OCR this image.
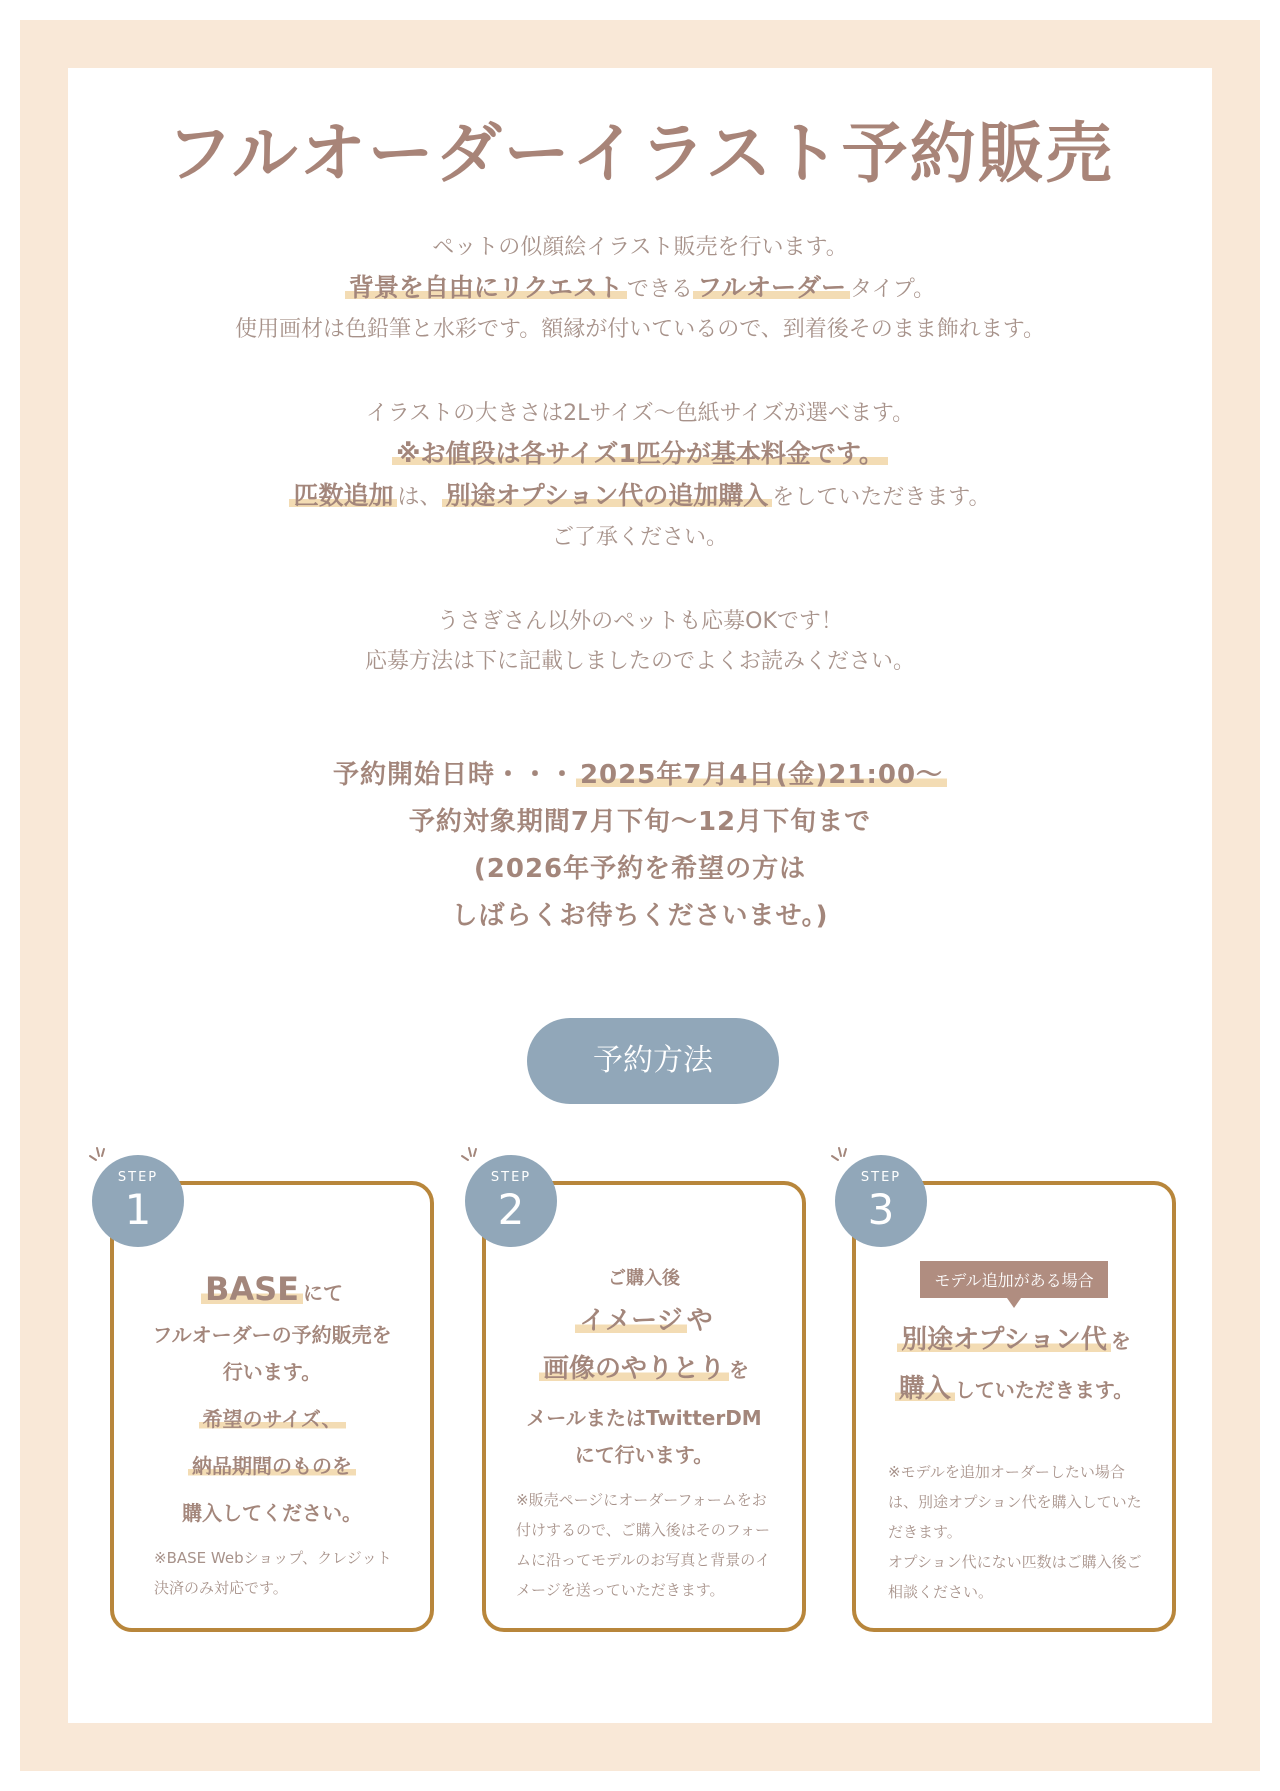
フルオーダーイラスト予約販売

ペットの似顔絵イラスト販売を行います。

背景を自由にリクエスト できる フルオーダー タイプ。

使用画材は色鉛筆と水彩です。額縁が付いているので、到着後そのまま飾れます。

イラストの大きさは2Lサイズ〜色紙サイズが選べます。

※お値段は各サイズ1匹分が基本料金です。

匹数追加 は、 別途オプション代の追加購入 をしていただきます。

ご了承ください。

うさぎさん以外のペットも応募OKです！

応募方法は下に記載しましたのでよくお読みください。

予約開始日時・・・ 2025年7月4日(金)21:00〜

予約対象期間7月下旬〜12月下旬まで

(2026年予約を希望の方は

しばらくお待ちくださいませ。)

予約方法

BASE にて

フルオーダーの予約販売を

行います。

希望のサイズ、

納品期間のものを

購入してください。

※BASE Webショップ、クレジット決済のみ対応です。
STEP
1

ご購入後

イメージ や

画像のやりとり を

メールまたはTwitterDM

にて行います。

※販売ページにオーダーフォームをお付けするので、ご購入後はそのフォームに沿ってモデルのお写真と背景のイメージを送っていただきます。
STEP
2
モデル追加がある場合

別途オプション代 を

購入 していただきます。

※モデルを追加オーダーしたい場合は、別途オプション代を購入していただきます。
オプション代にない匹数はご購入後ご相談ください。
STEP
3
